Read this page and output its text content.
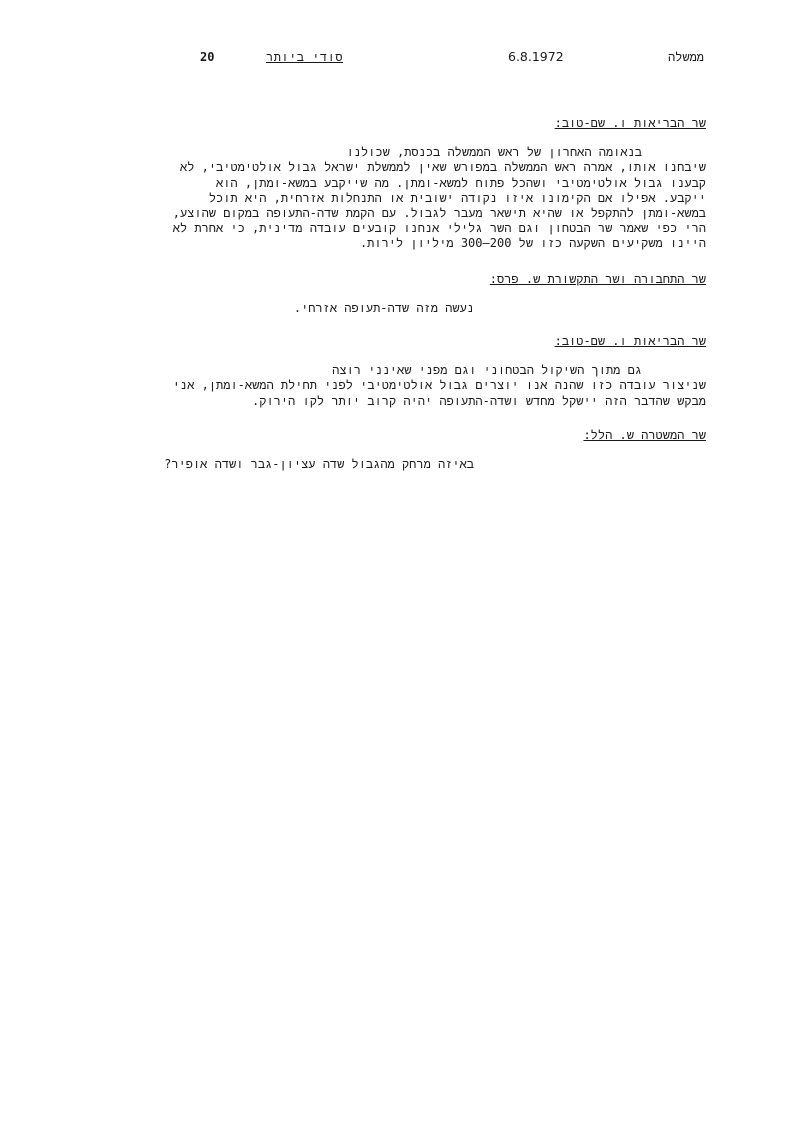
20	סודי ביותר	6.8.1972	ממשלה
שר הבריאות ו. שם-טוב:
בנאומה האחרון של ראש הממשלה בכנסת, שכולנו
שיבחנו אותו, אמרה ראש הממשלה במפורש שאין לממשלת ישראל גבול אולטימטיבי, לא
קבענו גבול אולטימטיבי ושהכל פתוח למשא-ומתן. מה שייקבע במשא-ומתן, הוא
ייקבע. אפילו אם הקימונו איזו נקודה ישובית או התנחלות אזרחית, היא תוכל
במשא-ומתן להתקפל או שהיא תישאר מעבר לגבול. עם הקמת שדה-התעופה במקום שהוצע,
הרי כפי שאמר שר הבטחון וגם השר גלילי אנחנו קובעים עובדה מדינית, כי אחרת לא
היינו משקיעים השקעה כזו של 200–300 מיליון לירות.
שר התחבורה ושר התקשורת ש. פרס:
נעשה מזה שדה-תעופה אזרחי.
שר הבריאות ו. שם-טוב:
גם מתוך השיקול הבטחוני וגם מפני שאינני רוצה
שניצור עובדה כזו שהנה אנו יוצרים גבול אולטימטיבי לפני תחילת המשא-ומתן, אני
מבקש שהדבר הזה יישקל מחדש ושדה-התעופה יהיה קרוב יותר לקו הירוק.
שר המשטרה ש. הלל:
באיזה מרחק מהגבול שדה עציון-גבר ושדה אופיר?
